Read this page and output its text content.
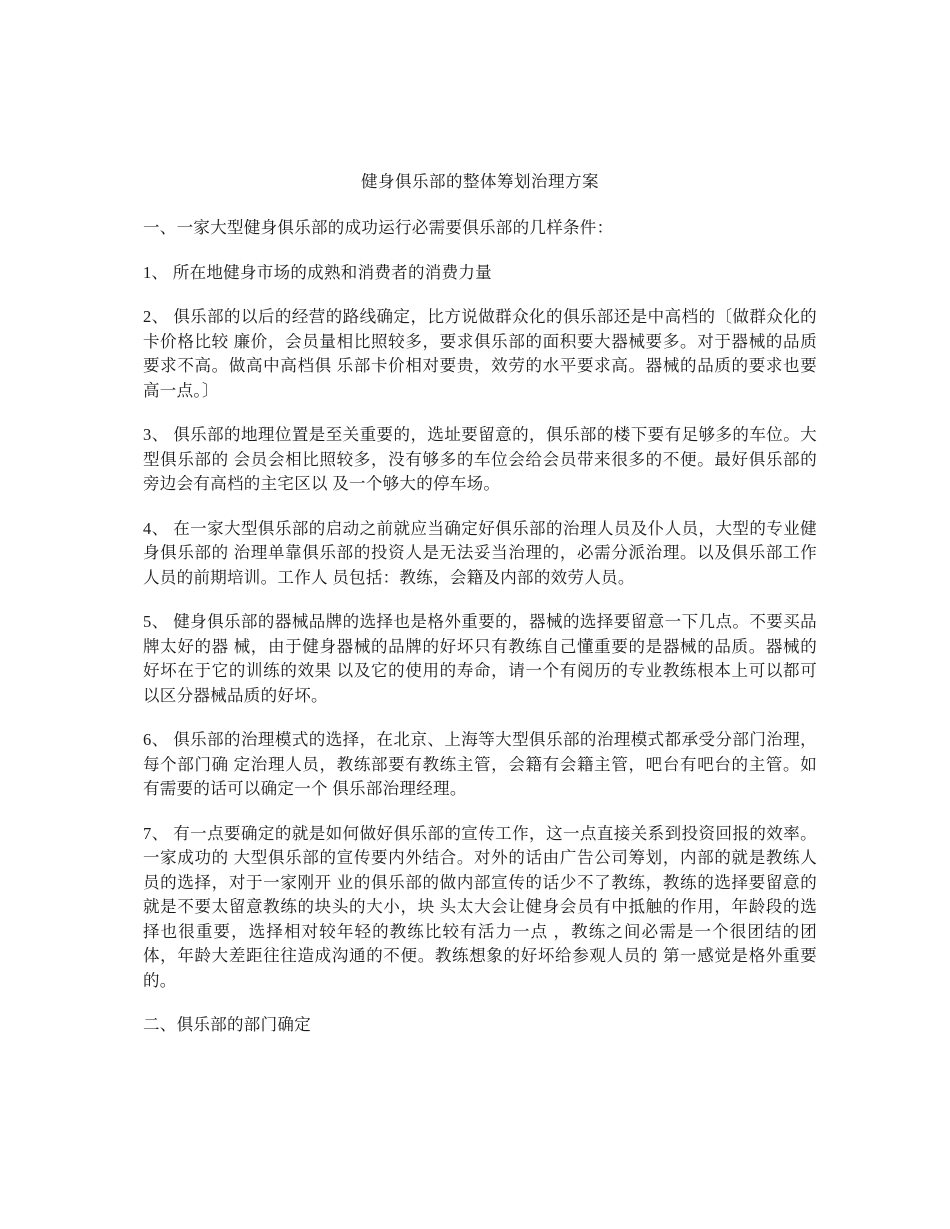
健身俱乐部的整体筹划治理方案

一、一家大型健身俱乐部的成功运行必需要俱乐部的几样条件：

1、 所在地健身市场的成熟和消费者的消费力量

2、 俱乐部的以后的经营的路线确定，比方说做群众化的俱乐部还是中高档的〔做群众化的卡价格比较 廉价，会员量相比照较多，要求俱乐部的面积要大器械要多。对于器械的品质要求不高。做高中高档俱 乐部卡价相对要贵，效劳的水平要求高。器械的品质的要求也要高一点。〕

3、 俱乐部的地理位置是至关重要的，选址要留意的，俱乐部的楼下要有足够多的车位。大型俱乐部的 会员会相比照较多，没有够多的车位会给会员带来很多的不便。最好俱乐部的旁边会有高档的主宅区以 及一个够大的停车场。

4、 在一家大型俱乐部的启动之前就应当确定好俱乐部的治理人员及仆人员，大型的专业健身俱乐部的 治理单靠俱乐部的投资人是无法妥当治理的，必需分派治理。以及俱乐部工作人员的前期培训。工作人 员包括：教练，会籍及内部的效劳人员。

5、 健身俱乐部的器械品牌的选择也是格外重要的，器械的选择要留意一下几点。不要买品牌太好的器 械，由于健身器械的品牌的好坏只有教练自己懂重要的是器械的品质。器械的好坏在于它的训练的效果 以及它的使用的寿命，请一个有阅历的专业教练根本上可以都可以区分器械品质的好坏。

6、 俱乐部的治理模式的选择，在北京、上海等大型俱乐部的治理模式都承受分部门治理，每个部门确 定治理人员，教练部要有教练主管，会籍有会籍主管，吧台有吧台的主管。如有需要的话可以确定一个 俱乐部治理经理。

7、 有一点要确定的就是如何做好俱乐部的宣传工作，这一点直接关系到投资回报的效率。一家成功的 大型俱乐部的宣传要内外结合。对外的话由广告公司筹划，内部的就是教练人员的选择，对于一家刚开 业的俱乐部的做内部宣传的话少不了教练，教练的选择要留意的就是不要太留意教练的块头的大小，块 头太大会让健身会员有中抵触的作用，年龄段的选择也很重要，选择相对较年轻的教练比较有活力一点 ，教练之间必需是一个很团结的团体，年龄大差距往往造成沟通的不便。教练想象的好坏给参观人员的 第一感觉是格外重要的。

二、俱乐部的部门确定
